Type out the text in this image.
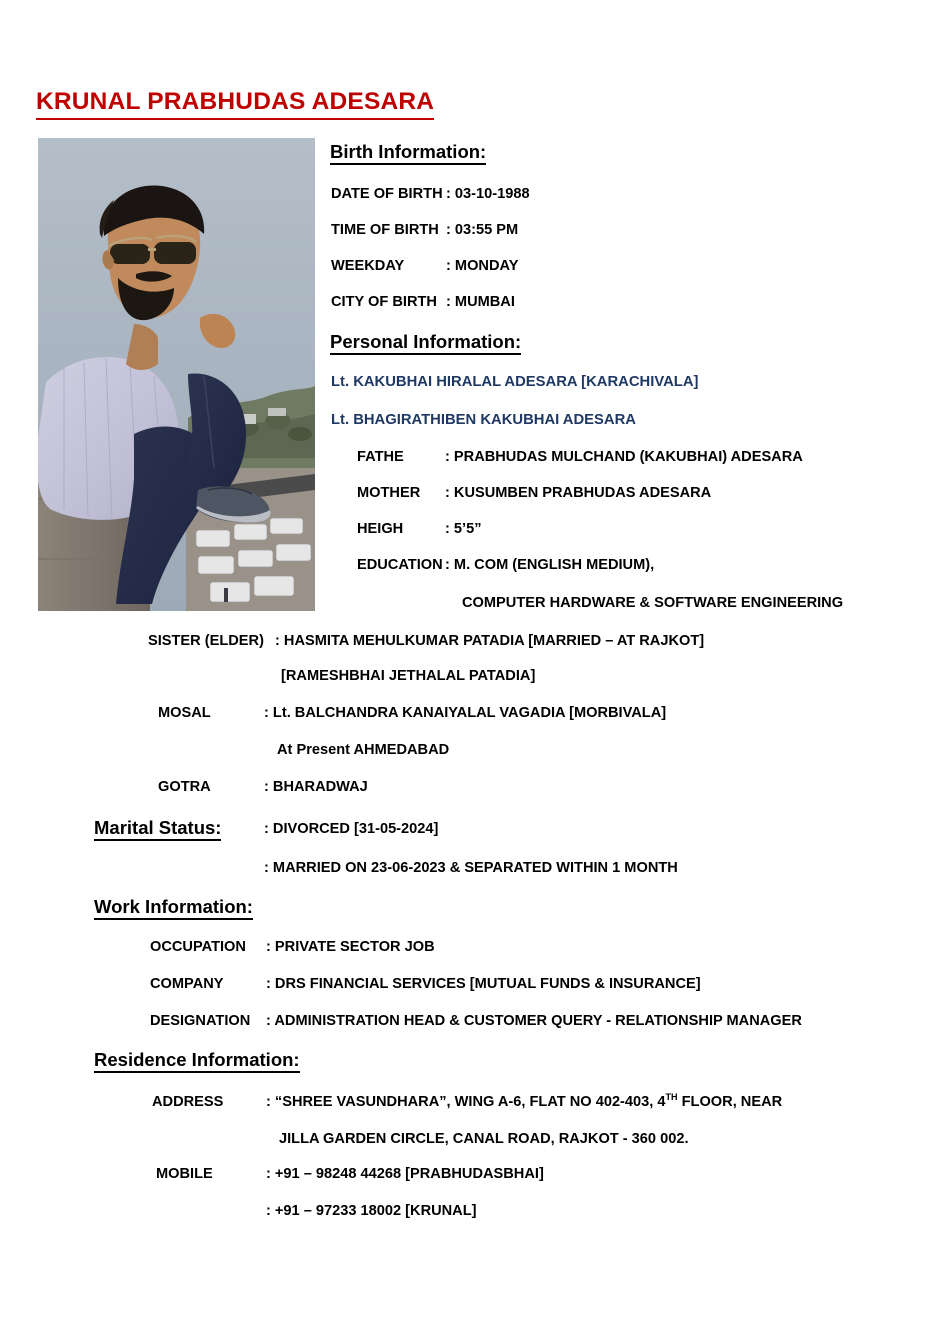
KRUNAL PRABHUDAS ADESARA
Birth Information:
DATE OF BIRTH : 03-10-1988
TIME OF BIRTH : 03:55 PM
WEEKDAY	: MONDAY
CITY OF BIRTH : MUMBAI
Personal Information:
Lt. KAKUBHAI HIRALAL ADESARA [KARACHIVALA]
Lt. BHAGIRATHIBEN KAKUBHAI ADESARA
FATHE	: PRABHUDAS MULCHAND (KAKUBHAI) ADESARA
MOTHER	: KUSUMBEN PRABHUDAS ADESARA
HEIGH	: 5’5”
EDUCATION : M. COM (ENGLISH MEDIUM),
COMPUTER HARDWARE & SOFTWARE ENGINEERING
SISTER (ELDER) : HASMITA MEHULKUMAR PATADIA [MARRIED – AT RAJKOT]
[RAMESHBHAI JETHALAL PATADIA]
MOSAL	: Lt. BALCHANDRA KANAIYALAL VAGADIA [MORBIVALA]
At Present AHMEDABAD
GOTRA	: BHARADWAJ
Marital Status:	: DIVORCED [31-05-2024]
: MARRIED ON 23-06-2023 & SEPARATED WITHIN 1 MONTH
Work Information:
OCCUPATION : PRIVATE SECTOR JOB
COMPANY	: DRS FINANCIAL SERVICES [MUTUAL FUNDS & INSURANCE]
DESIGNATION : ADMINISTRATION HEAD & CUSTOMER QUERY - RELATIONSHIP MANAGER
Residence Information:
ADDRESS	: “SHREE VASUNDHARA”, WING A-6, FLAT NO 402-403, 4TH FLOOR, NEAR
JILLA GARDEN CIRCLE, CANAL ROAD, RAJKOT - 360 002.
MOBILE	: +91 – 98248 44268 [PRABHUDASBHAI]
: +91 – 97233 18002 [KRUNAL]
